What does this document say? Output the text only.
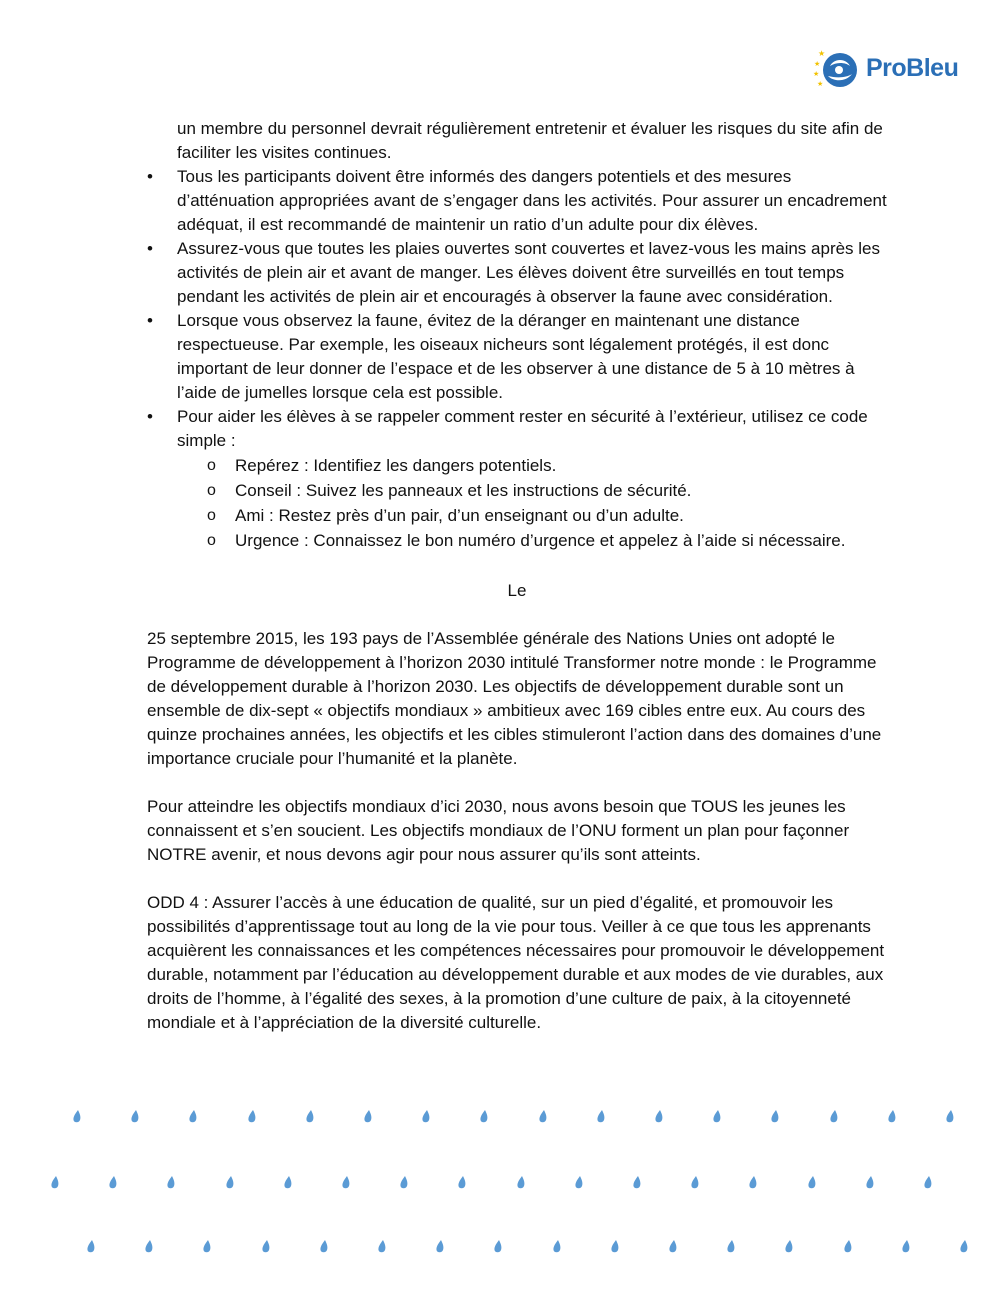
★
★
★
★
ProBleu

un membre du personnel devrait régulièrement entretenir et évaluer les risques du site afin de faciliter les visites continues.

•	Tous les participants doivent être informés des dangers potentiels et des mesures d’atténuation appropriées avant de s’engager dans les activités. Pour assurer un encadrement adéquat, il est recommandé de maintenir un ratio d’un adulte pour dix élèves.
•	Assurez-vous que toutes les plaies ouvertes sont couvertes et lavez-vous les mains après les activités de plein air et avant de manger. Les élèves doivent être surveillés en tout temps pendant les activités de plein air et encouragés à observer la faune avec considération.
•	Lorsque vous observez la faune, évitez de la déranger en maintenant une distance respectueuse. Par exemple, les oiseaux nicheurs sont légalement protégés, il est donc important de leur donner de l’espace et de les observer à une distance de 5 à 10 mètres à l’aide de jumelles lorsque cela est possible.
•	Pour aider les élèves à se rappeler comment rester en sécurité à l’extérieur, utilisez ce code simple :
o Repérez : Identifiez les dangers potentiels.
o Conseil : Suivez les panneaux et les instructions de sécurité.
o Ami : Restez près d’un pair, d’un enseignant ou d’un adulte.
o Urgence : Connaissez le bon numéro d’urgence et appelez à l’aide si nécessaire.

Le

25 septembre 2015, les 193 pays de l’Assemblée générale des Nations Unies ont adopté le Programme de développement à l’horizon 2030 intitulé Transformer notre monde : le Programme de développement durable à l’horizon 2030. Les objectifs de développement durable sont un ensemble de dix-sept « objectifs mondiaux » ambitieux avec 169 cibles entre eux. Au cours des quinze prochaines années, les objectifs et les cibles stimuleront l’action dans des domaines d’une importance cruciale pour l’humanité et la planète.

Pour atteindre les objectifs mondiaux d’ici 2030, nous avons besoin que TOUS les jeunes les connaissent et s’en soucient. Les objectifs mondiaux de l’ONU forment un plan pour façonner NOTRE avenir, et nous devons agir pour nous assurer qu’ils sont atteints.

ODD 4 : Assurer l’accès à une éducation de qualité, sur un pied d’égalité, et promouvoir les possibilités d’apprentissage tout au long de la vie pour tous. Veiller à ce que tous les apprenants acquièrent les connaissances et les compétences nécessaires pour promouvoir le développement durable, notamment par l’éducation au développement durable et aux modes de vie durables, aux droits de l’homme, à l’égalité des sexes, à la promotion d’une culture de paix, à la citoyenneté mondiale et à l’appréciation de la diversité culturelle.
